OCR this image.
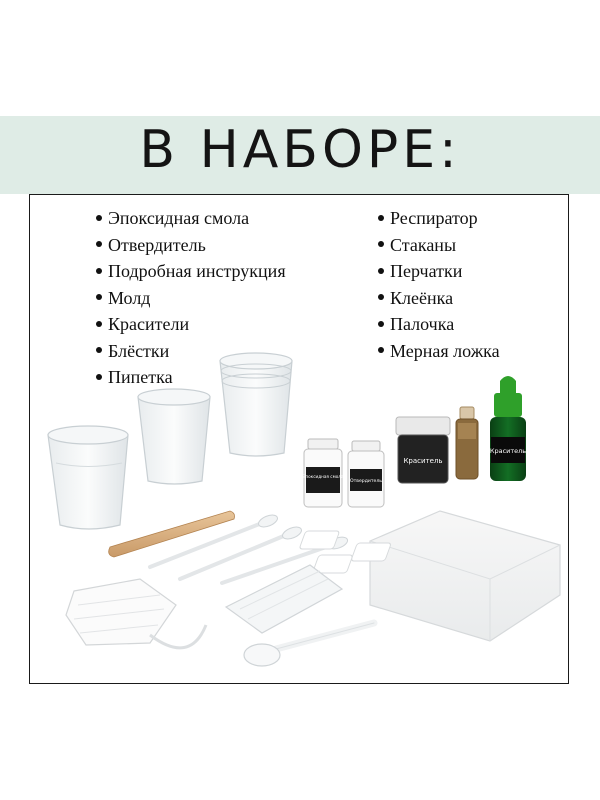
В НАБОРЕ:
Эпоксидная смола
Отвердитель
Подробная инструкция
Молд
Красители
Блёстки
Пипетка
Респиратор
Стаканы
Перчатки
Клеёнка
Палочка
Мерная ложка
Эпоксидная смола
Отвердитель
Краситель
Краситель
